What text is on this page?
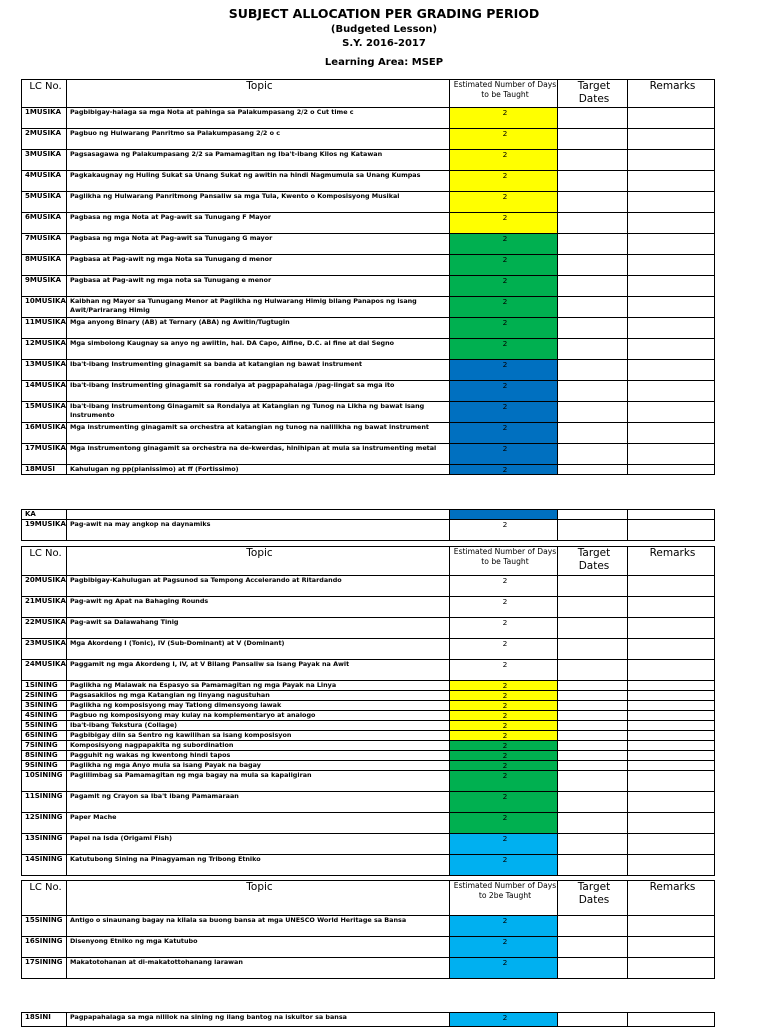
SUBJECT ALLOCATION PER GRADING PERIOD
(Budgeted Lesson)
S.Y. 2016-2017
Learning Area: MSEP
LC No.	Topic	Estimated Number of Days to be Taught	Target Dates	Remarks
1MUSIKA	Pagbibigay-halaga sa mga Nota at pahinga sa Palakumpasang 2/2 o Cut time c	2		
2MUSIKA	Pagbuo ng Hulwarang Panritmo sa Palakumpasang 2/2 o c	2		
3MUSIKA	Pagsasagawa ng Palakumpasang 2/2 sa Pamamagitan ng Iba't-ibang Kilos ng Katawan	2		
4MUSIKA	Pagkakaugnay ng Huling Sukat sa Unang Sukat ng awitin na hindi Nagmumula sa Unang Kumpas	2		
5MUSIKA	Paglikha ng Hulwarang Panritmong Pansaliw sa mga Tula, Kwento o Komposisyong Musikal	2		
6MUSIKA	Pagbasa ng mga Nota at Pag-awit sa Tunugang F Mayor	2		
7MUSIKA	Pagbasa ng mga Nota at Pag-awit sa Tunugang G mayor	2		
8MUSIKA	Pagbasa at Pag-awit ng mga Nota sa Tunugang d menor	2		
9MUSIKA	Pagbasa at Pag-awit ng mga nota sa Tunugang e menor	2		
10MUSIKA	Kaibhan ng Mayor sa Tunugang Menor at Paglikha ng Hulwarang Himig bilang Panapos ng isang Awit/Parirarang Himig	2		
11MUSIKA	Mga anyong Binary (AB) at Ternary (ABA) ng Awitin/Tugtugin	2		
12MUSIKA	Mga simbolong Kaugnay sa anyo ng awiitin, hal. DA Capo, Alfine, D.C. al fine at dal Segno	2		
13MUSIKA	Iba't-ibang Instrumenting ginagamit sa banda at katangian ng bawat instrument	2		
14MUSIKA	Iba't-ibang Instrumenting ginagamit sa rondalya at pagpapahalaga /pag-iingat sa mga ito	2		
15MUSIKA	Iba't-ibang Instrumentong Ginagamit sa Rondalya at Katangian ng Tunog na Likha ng bawat isang Instrumento	2		
16MUSIKA	Mga instrumenting ginagamit sa orchestra at katangian ng tunog na nalilikha ng bawat instrument	2		
17MUSIKA	Mga instrumentong ginagamit sa orchestra na de-kwerdas, hinihipan at mula sa instrumenting metal	2		
18MUSI	Kahulugan ng pp(pianissimo) at ff (Fortissimo)	2		
KA				
19MUSIKA	Pag-awit na may angkop na daynamiks	2		
LC No.	Topic	Estimated Number of Days to be Taught	Target Dates	Remarks
20MUSIKA	Pagbibigay-Kahulugan at Pagsunod sa Tempong Accelerando at Ritardando	2		
21MUSIKA	Pag-awit ng Apat na Bahaging Rounds	2		
22MUSIKA	Pag-awit sa Dalawahang Tinig	2		
23MUSIKA	Mga Akordeng I (Tonic), IV (Sub-Dominant) at V (Dominant)	2		
24MUSIKA	Paggamit ng mga Akordeng I, IV, at V Bilang Pansaliw sa Isang Payak na Awit	2		
1SINING	Paglikha ng Malawak na Espasyo sa Pamamagitan ng mga Payak na Linya	2		
2SINING	Pagsasakilos ng mga Katangian ng linyang nagustuhan	2		
3SINING	Paglikha ng komposisyong may Tatlong dimensyong lawak	2		
4SINING	Pagbuo ng komposisyong may kulay na komplementaryo at analogo	2		
5SINING	Iba't-ibang Tekstura (Collage)	2		
6SINING	Pagbibigay diin sa Sentro ng kawilihan sa isang komposisyon	2		
7SINING	Komposisyong nagpapakita ng subordination	2		
8SINING	Pagguhit ng wakas ng kwentong hindi tapos	2		
9SINING	Paglikha ng mga Anyo mula sa isang Payak na bagay	2		
10SINING	Paglilimbag sa Pamamagitan ng mga bagay na mula sa kapaligiran	2		
11SINING	Pagamit ng Crayon sa Iba't ibang Pamamaraan	2		
12SINING	Paper Mache	2		
13SINING	Papel na Isda (Origami Fish)	2		
14SINING	Katutubong Sining na Pinagyaman ng Tribong Etniko	2		
LC No.	Topic	Estimated Number of Days to 2be Taught	Target Dates	Remarks
15SINING	Antigo o sinaunang bagay na kilala sa buong bansa at mga UNESCO World Heritage sa Bansa	2		
16SINING	Disenyong Etniko ng mga Katutubo	2		
17SINING	Makatotohanan at di-makatottohanang larawan	2		
18SINI	Pagpapahalaga sa mga nililok na sining ng ilang bantog na iskultor sa bansa	2		
